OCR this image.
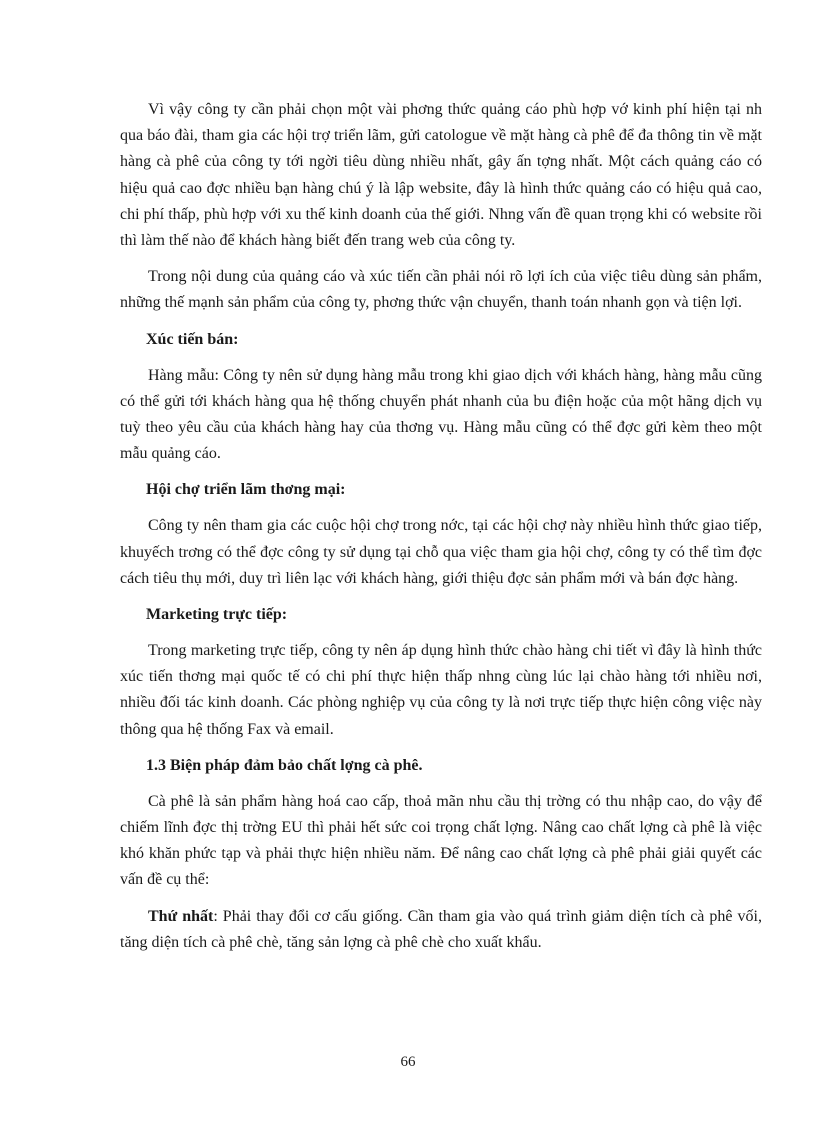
Vì vậy công ty cần phải chọn một vài phơng thức quảng cáo phù hợp vớ kinh phí hiện tại nh qua báo đài, tham gia các hội trợ triển lãm, gửi catologue về mặt hàng cà phê để đa thông tin về mặt hàng cà phê của công ty tới ngời tiêu dùng nhiều nhất, gây ấn tợng nhất. Một cách quảng cáo có hiệu quả cao đợc nhiều bạn hàng chú ý là lập website, đây là hình thức quảng cáo có hiệu quả cao, chi phí thấp, phù hợp với xu thế kinh doanh của thế giới. Nhng vấn đề quan trọng khi có website rồi thì làm thế nào để khách hàng biết đến trang web của công ty.

Trong nội dung của quảng cáo và xúc tiến cần phải nói rõ lợi ích của việc tiêu dùng sản phẩm, những thế mạnh sản phẩm của công ty, phơng thức vận chuyển, thanh toán nhanh gọn và tiện lợi.

Xúc tiến bán:

Hàng mẫu: Công ty nên sử dụng hàng mẫu trong khi giao dịch với khách hàng, hàng mẫu cũng có thể gửi tới khách hàng qua hệ thống chuyển phát nhanh của bu điện hoặc của một hãng dịch vụ tuỳ theo yêu cầu của khách hàng hay của thơng vụ. Hàng mẫu cũng có thể đợc gửi kèm theo một mẫu quảng cáo.

Hội chợ triển lãm thơng mại:

Công ty nên tham gia các cuộc hội chợ trong nớc, tại các hội chợ này nhiều hình thức giao tiếp, khuyếch trơng có thể đợc công ty sử dụng tại chỗ qua việc tham gia hội chợ, công ty có thể tìm đợc cách tiêu thụ mới, duy trì liên lạc với khách hàng, giới thiệu đợc sản phẩm mới và bán đợc hàng.

Marketing trực tiếp:

Trong marketing trực tiếp, công ty nên áp dụng hình thức chào hàng chi tiết vì đây là hình thức xúc tiến thơng mại quốc tế có chi phí thực hiện thấp nhng cùng lúc lại chào hàng tới nhiều nơi, nhiều đối tác kinh doanh. Các phòng nghiệp vụ của công ty là nơi trực tiếp thực hiện công việc này thông qua hệ thống Fax và email.

1.3 Biện pháp đảm bảo chất lợng cà phê.

Cà phê là sản phẩm hàng hoá cao cấp, thoả mãn nhu cầu thị trờng có thu nhập cao, do vậy để chiếm lĩnh đợc thị trờng EU thì phải hết sức coi trọng chất lợng. Nâng cao chất lợng cà phê là việc khó khăn phức tạp và phải thực hiện nhiều năm. Để nâng cao chất lợng cà phê phải giải quyết các vấn đề cụ thể:

Thứ nhất: Phải thay đổi cơ cấu giống. Cần tham gia vào quá trình giảm diện tích cà phê vối, tăng diện tích cà phê chè, tăng sản lợng cà phê chè cho xuất khẩu.

66
